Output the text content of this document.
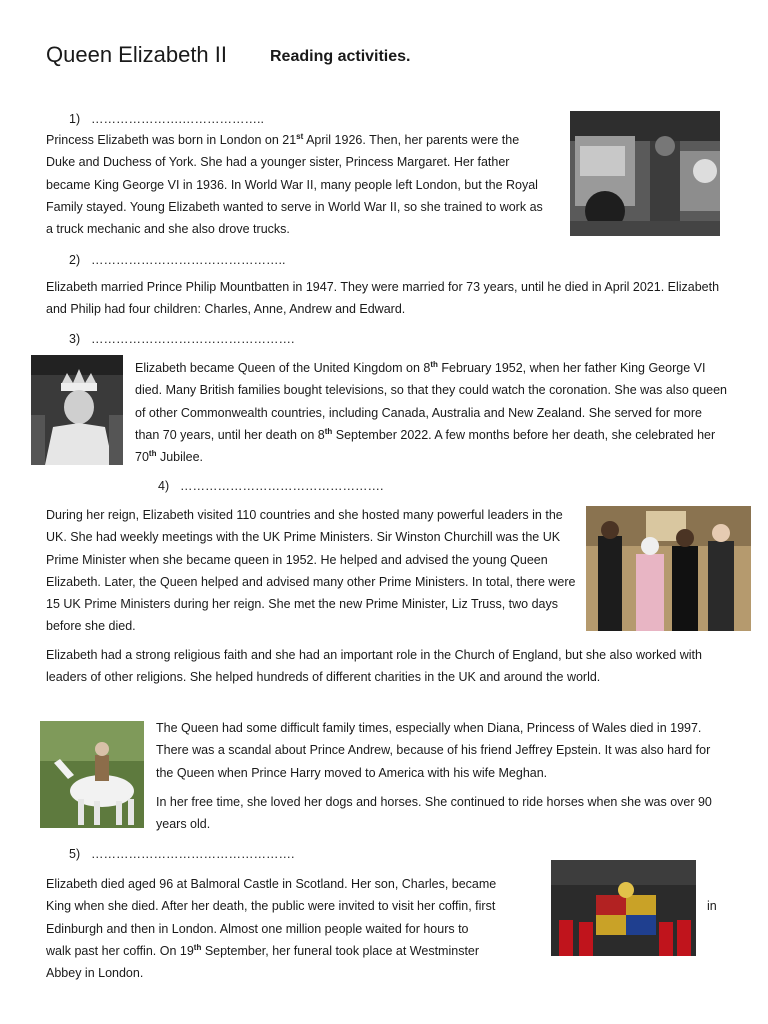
Queen Elizabeth II	Reading activities.
1) ………………….………………..
Princess Elizabeth was born in London on 21st April 1926. Then, her parents were the Duke and Duchess of York. She had a younger sister, Princess Margaret. Her father became King George VI in 1936. In World War II, many people left London, but the Royal Family stayed. Young Elizabeth wanted to serve in World War II, so she trained to work as a truck mechanic and she also drove trucks.
2) ………………………………………..
Elizabeth married Prince Philip Mountbatten in 1947. They were married for 73 years, until he died in April 2021. Elizabeth and Philip had four children: Charles, Anne, Andrew and Edward.
3) ………………………………………….
Elizabeth became Queen of the United Kingdom on 8th February 1952, when her father King George VI died. Many British families bought televisions, so that they could watch the coronation. She was also queen of other Commonwealth countries, including Canada, Australia and New Zealand. She served for more than 70 years, until her death on 8th September 2022. A few months before her death, she celebrated her 70th Jubilee.
4) ………………………………………….
During her reign, Elizabeth visited 110 countries and she hosted many powerful leaders in the UK. She had weekly meetings with the UK Prime Ministers. Sir Winston Churchill was the UK Prime Minister when she became queen in 1952. He helped and advised the young Queen Elizabeth. Later, the Queen helped and advised many other Prime Ministers. In total, there were 15 UK Prime Ministers during her reign. She met the new Prime Minister, Liz Truss, two days before she died.
Elizabeth had a strong religious faith and she had an important role in the Church of England, but she also worked with leaders of other religions. She helped hundreds of different charities in the UK and around the world.
The Queen had some difficult family times, especially when Diana, Princess of Wales died in 1997. There was a scandal about Prince Andrew, because of his friend Jeffrey Epstein. It was also hard for the Queen when Prince Harry moved to America with his wife Meghan.
In her free time, she loved her dogs and horses. She continued to ride horses when she was over 90 years old.
5) ………………………………………….
Elizabeth died aged 96 at Balmoral Castle in Scotland. Her son, Charles, became
King when she died. After her death, the public were invited to visit her coffin, first	in
Edinburgh and then in London. Almost one million people waited for hours to
walk past her coffin. On 19th September, her funeral took place at Westminster
Abbey in London.
